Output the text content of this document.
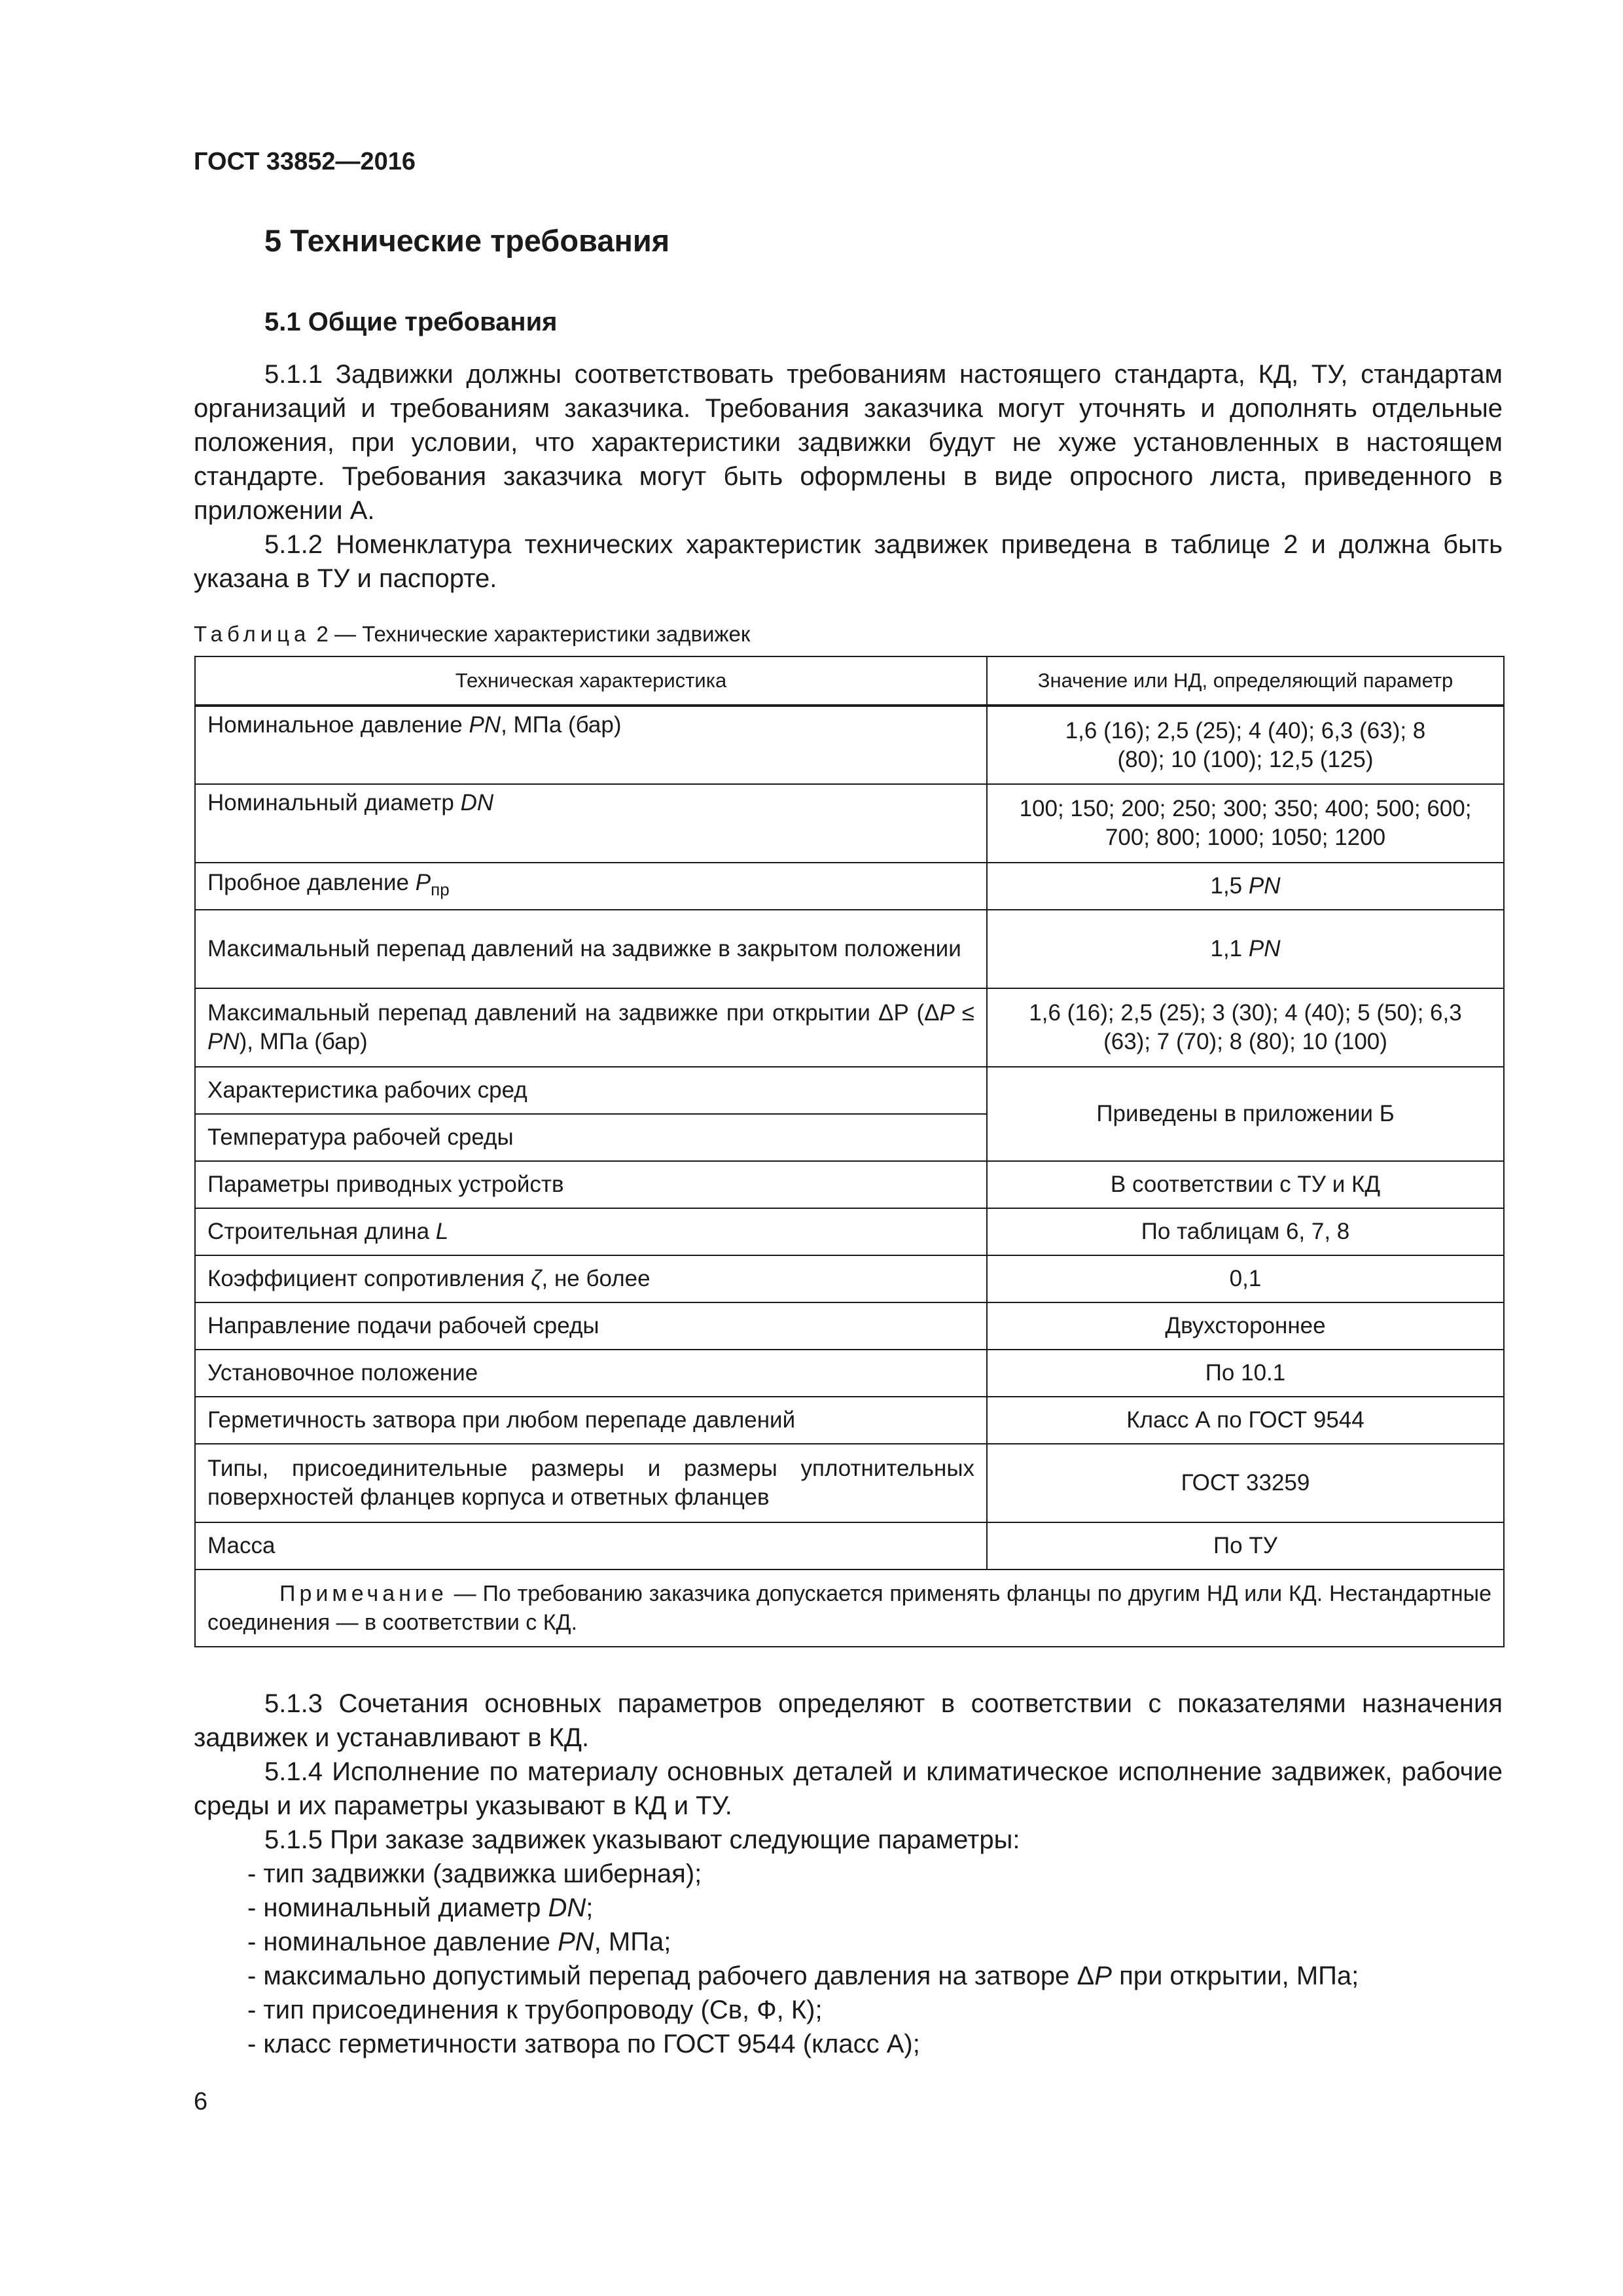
ГОСТ 33852—2016
5 Технические требования
5.1 Общие требования
5.1.1 Задвижки должны соответствовать требованиям настоящего стандарта, КД, ТУ, стандартам организаций и требованиям заказчика. Требования заказчика могут уточнять и дополнять отдельные положения, при условии, что характеристики задвижки будут не хуже установленных в настоящем стандарте. Требования заказчика могут быть оформлены в виде опросного листа, приведенного в приложении А.
5.1.2 Номенклатура технических характеристик задвижек приведена в таблице 2 и должна быть указана в ТУ и паспорте.
Таблица 2 — Технические характеристики задвижек
Техническая характеристика	Значение или НД, определяющий параметр
Номинальное давление PN, МПа (бар)	1,6 (16); 2,5 (25); 4 (40); 6,3 (63); 8 (80); 10 (100); 12,5 (125)
Номинальный диаметр DN	100; 150; 200; 250; 300; 350; 400; 500; 600; 700; 800; 1000; 1050; 1200
Пробное давление $P_{пр}$	1,5 PN
Максимальный перепад давлений на задвижке в закрытом положении	1,1 PN
Максимальный перепад давлений на задвижке при открытии ΔP (ΔP ≤ PN), МПа (бар)	1,6 (16); 2,5 (25); 3 (30); 4 (40); 5 (50); 6,3 (63); 7 (70); 8 (80); 10 (100)
Характеристика рабочих сред	Приведены в приложении Б
Температура рабочей среды	
Параметры приводных устройств	В соответствии с ТУ и КД
Строительная длина L	По таблицам 6, 7, 8
Коэффициент сопротивления ζ, не более	0,1
Направление подачи рабочей среды	Двухстороннее
Установочное положение	По 10.1
Герметичность затвора при любом перепаде давлений	Класс А по ГОСТ 9544
Типы, присоединительные размеры и размеры уплотнительных поверхностей фланцев корпуса и ответных фланцев	ГОСТ 33259
Масса	По ТУ
Примечание — По требованию заказчика допускается применять фланцы по другим НД или КД. Нестандартные соединения — в соответствии с КД.	
5.1.3 Сочетания основных параметров определяют в соответствии с показателями назначения задвижек и устанавливают в КД.
5.1.4 Исполнение по материалу основных деталей и климатическое исполнение задвижек, рабочие среды и их параметры указывают в КД и ТУ.
5.1.5 При заказе задвижек указывают следующие параметры:
- тип задвижки (задвижка шиберная);
- номинальный диаметр DN;
- номинальное давление PN, МПа;
- максимально допустимый перепад рабочего давления на затворе ΔP при открытии, МПа;
- тип присоединения к трубопроводу (Св, Ф, К);
- класс герметичности затвора по ГОСТ 9544 (класс А);
6
